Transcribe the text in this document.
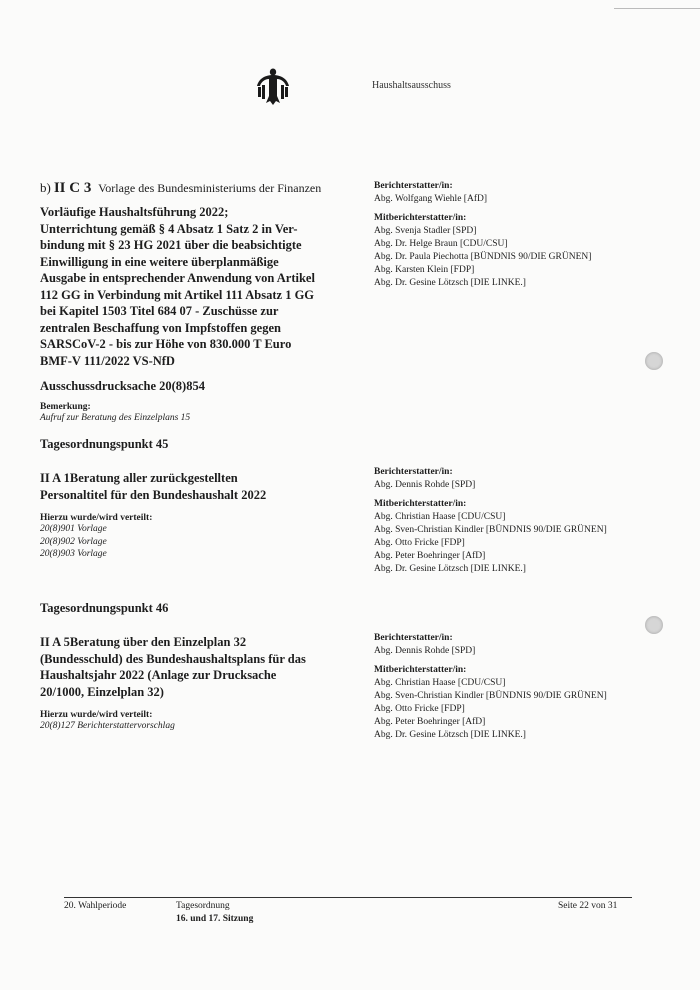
Haushaltsausschuss
b) II C 3 Vorlage des Bundesministeriums der Finanzen
Vorläufige Haushaltsführung 2022;
Unterrichtung gemäß § 4 Absatz 1 Satz 2 in Ver-
bindung mit § 23 HG 2021 über die beabsichtigte
Einwilligung in eine weitere überplanmäßige
Ausgabe in entsprechender Anwendung von Artikel
112 GG in Verbindung mit Artikel 111 Absatz 1 GG
bei Kapitel 1503 Titel 684 07 - Zuschüsse zur
zentralen Beschaffung von Impfstoffen gegen
SARSCoV-2 - bis zur Höhe von 830.000 T Euro
BMF-V 111/2022 VS-NfD
Ausschussdrucksache 20(8)854
Bemerkung:
Aufruf zur Beratung des Einzelplans 15
Berichterstatter/in:
Abg. Wolfgang Wiehle [AfD]
Mitberichterstatter/in:
Abg. Svenja Stadler [SPD]
Abg. Dr. Helge Braun [CDU/CSU]
Abg. Dr. Paula Piechotta [BÜNDNIS 90/DIE GRÜNEN]
Abg. Karsten Klein [FDP]
Abg. Dr. Gesine Lötzsch [DIE LINKE.]
Tagesordnungspunkt 45
II A 1Beratung aller zurückgestellten
Personaltitel für den Bundeshaushalt 2022
Hierzu wurde/wird verteilt:
20(8)901 Vorlage
20(8)902 Vorlage
20(8)903 Vorlage
Berichterstatter/in:
Abg. Dennis Rohde [SPD]
Mitberichterstatter/in:
Abg. Christian Haase [CDU/CSU]
Abg. Sven-Christian Kindler [BÜNDNIS 90/DIE GRÜNEN]
Abg. Otto Fricke [FDP]
Abg. Peter Boehringer [AfD]
Abg. Dr. Gesine Lötzsch [DIE LINKE.]
Tagesordnungspunkt 46
II A 5Beratung über den Einzelplan 32
(Bundesschuld) des Bundeshaushaltsplans für das
Haushaltsjahr 2022 (Anlage zur Drucksache
20/1000, Einzelplan 32)
Hierzu wurde/wird verteilt:
20(8)127 Berichterstattervorschlag
Berichterstatter/in:
Abg. Dennis Rohde [SPD]
Mitberichterstatter/in:
Abg. Christian Haase [CDU/CSU]
Abg. Sven-Christian Kindler [BÜNDNIS 90/DIE GRÜNEN]
Abg. Otto Fricke [FDP]
Abg. Peter Boehringer [AfD]
Abg. Dr. Gesine Lötzsch [DIE LINKE.]
20. Wahlperiode	Tagesordnung
16. und 17. Sitzung
Seite 22 von 31
